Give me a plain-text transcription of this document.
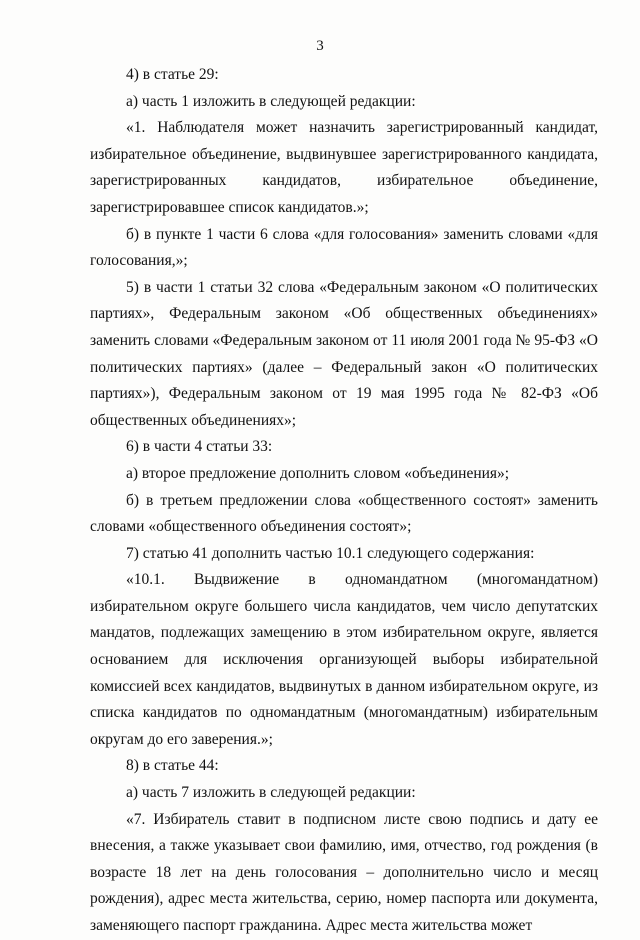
3

4) в статье 29:

а) часть 1 изложить в следующей редакции:

«1. Наблюдателя может назначить зарегистрированный кандидат, избирательное объединение, выдвинувшее зарегистрированного кандидата, зарегистрированных кандидатов, избирательное объединение, зарегистрировавшее список кандидатов.»;

б) в пункте 1 части 6 слова «для голосования» заменить словами «для голосования,»;

5) в части 1 статьи 32 слова «Федеральным законом «О политических партиях», Федеральным законом «Об общественных объединениях» заменить словами «Федеральным законом от 11 июля 2001 года № 95-ФЗ «О политических партиях» (далее – Федеральный закон «О политических партиях»), Федеральным законом от 19 мая 1995 года № 82-ФЗ «Об общественных объединениях»;

6) в части 4 статьи 33:

а) второе предложение дополнить словом «объединения»;

б) в третьем предложении слова «общественного состоят» заменить словами «общественного объединения состоят»;

7) статью 41 дополнить частью 10.1 следующего содержания:

«10.1. Выдвижение в одномандатном (многомандатном) избирательном округе большего числа кандидатов, чем число депутатских мандатов, подлежащих замещению в этом избирательном округе, является основанием для исключения организующей выборы избирательной комиссией всех кандидатов, выдвинутых в данном избирательном округе, из списка кандидатов по одномандатным (многомандатным) избирательным округам до его заверения.»;

8) в статье 44:

а) часть 7 изложить в следующей редакции:

«7. Избиратель ставит в подписном листе свою подпись и дату ее внесения, а также указывает свои фамилию, имя, отчество, год рождения (в возрасте 18 лет на день голосования – дополнительно число и месяц рождения), адрес места жительства, серию, номер паспорта или документа, заменяющего паспорт гражданина. Адрес места жительства может
